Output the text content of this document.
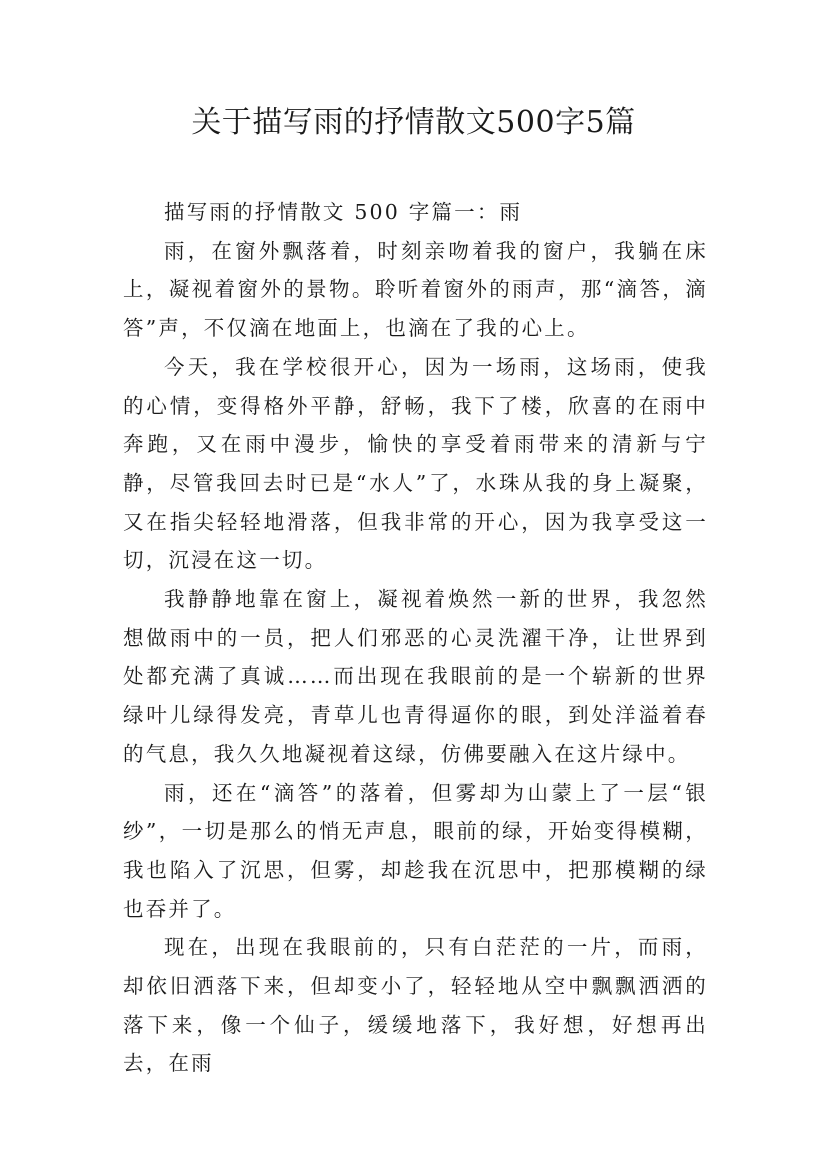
关于描写雨的抒情散文500字5篇

描写雨的抒情散文 500 字篇一：雨

雨，在窗外飘落着，时刻亲吻着我的窗户，我躺在床上，凝视着窗外的景物。聆听着窗外的雨声，那“滴答，滴答”声，不仅滴在地面上，也滴在了我的心上。

今天，我在学校很开心，因为一场雨，这场雨，使我的心情，变得格外平静，舒畅，我下了楼，欣喜的在雨中奔跑，又在雨中漫步，愉快的享受着雨带来的清新与宁静，尽管我回去时已是“水人”了，水珠从我的身上凝聚，又在指尖轻轻地滑落，但我非常的开心，因为我享受这一切，沉浸在这一切。

我静静地靠在窗上，凝视着焕然一新的世界，我忽然想做雨中的一员，把人们邪恶的心灵洗濯干净，让世界到处都充满了真诚……而出现在我眼前的是一个崭新的世界绿叶儿绿得发亮，青草儿也青得逼你的眼，到处洋溢着春的气息，我久久地凝视着这绿，仿佛要融入在这片绿中。

雨，还在“滴答”的落着，但雾却为山蒙上了一层“银纱”，一切是那么的悄无声息，眼前的绿，开始变得模糊，我也陷入了沉思，但雾，却趁我在沉思中，把那模糊的绿也吞并了。

现在，出现在我眼前的，只有白茫茫的一片，而雨，却依旧洒落下来，但却变小了，轻轻地从空中飘飘洒洒的落下来，像一个仙子，缓缓地落下，我好想，好想再出去，在雨
